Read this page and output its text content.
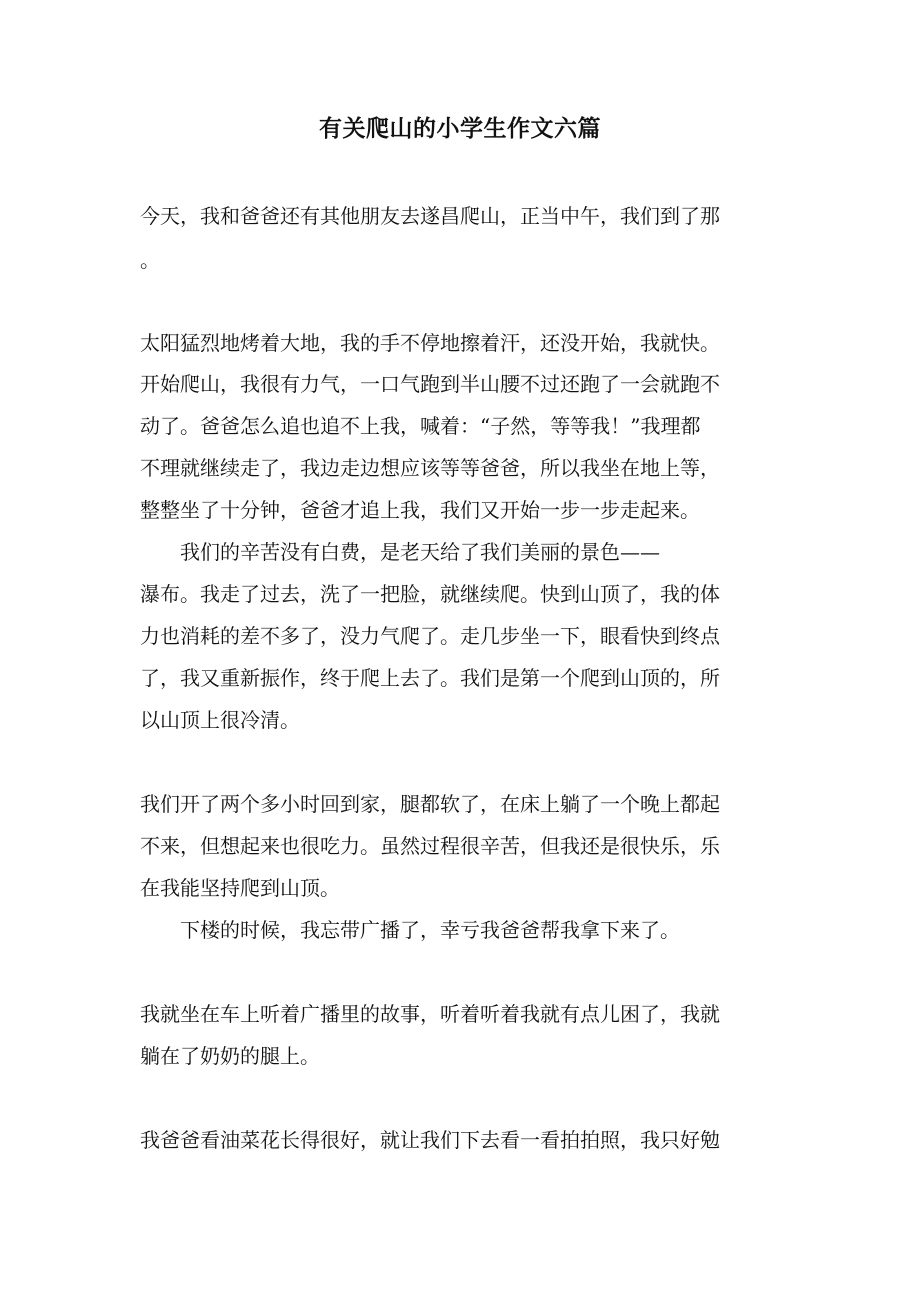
有关爬山的小学生作文六篇
今天，我和爸爸还有其他朋友去遂昌爬山，正当中午，我们到了那
。
太阳猛烈地烤着大地，我的手不停地擦着汗，还没开始，我就快。
开始爬山，我很有力气，一口气跑到半山腰不过还跑了一会就跑不
动了。爸爸怎么追也追不上我，喊着：“子然，等等我！”我理都
不理就继续走了，我边走边想应该等等爸爸，所以我坐在地上等，
整整坐了十分钟，爸爸才追上我，我们又开始一步一步走起来。
　　我们的辛苦没有白费，是老天给了我们美丽的景色——
瀑布。我走了过去，洗了一把脸，就继续爬。快到山顶了，我的体
力也消耗的差不多了，没力气爬了。走几步坐一下，眼看快到终点
了，我又重新振作，终于爬上去了。我们是第一个爬到山顶的，所
以山顶上很冷清。
我们开了两个多小时回到家，腿都软了，在床上躺了一个晚上都起
不来，但想起来也很吃力。虽然过程很辛苦，但我还是很快乐，乐
在我能坚持爬到山顶。
　　下楼的时候，我忘带广播了，幸亏我爸爸帮我拿下来了。
我就坐在车上听着广播里的故事，听着听着我就有点儿困了，我就
躺在了奶奶的腿上。
我爸爸看油菜花长得很好，就让我们下去看一看拍拍照，我只好勉
